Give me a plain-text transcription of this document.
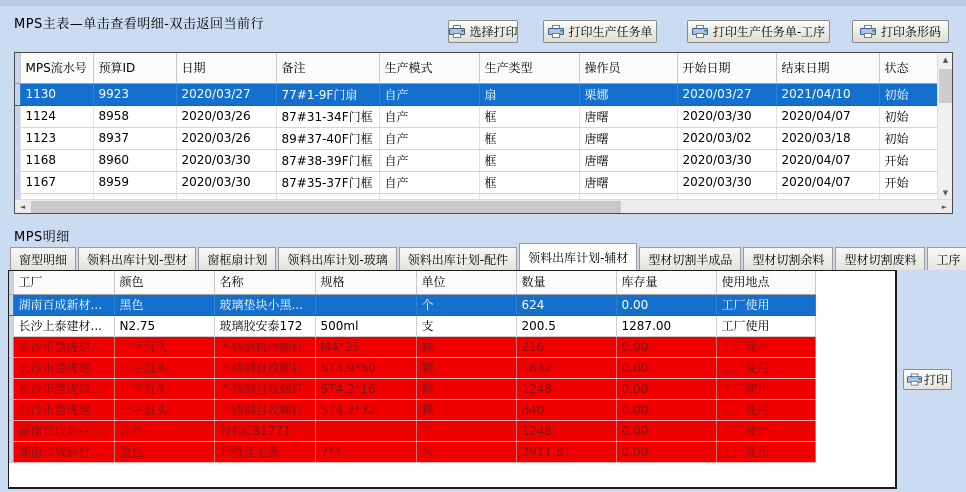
MPS主表—单击查看明细-双击返回当前行	选择打印	打印生产任务单	打印生产任务单-工序	打印条形码
	MPS流水号	预算ID	日期	备注	生产模式	生产类型	操作员	开始日期	结束日期	状态
	1130	9923	2020/03/27	77#1-9F门扇	自产	扇	栗娜	2020/03/27	2021/04/10	初始
	1124	8958	2020/03/26	87#31-34F门框	自产	框	唐曙	2020/03/30	2020/04/07	初始
	1123	8937	2020/03/26	89#37-40F门框	自产	框	唐曙	2020/03/02	2020/03/18	初始
	1168	8960	2020/03/30	87#38-39F门框	自产	框	唐曙	2020/03/30	2020/04/07	开始
	1167	8959	2020/03/30	87#35-37F门框	自产	框	唐曙	2020/03/30	2020/04/07	开始

▲
▼
◄	►
MPS明细
窗型明细 领料出库计划-型材 窗框扇计划 领料出库计划-玻璃 领料出库计划-配件 领料出库计划-辅材 型材切割半成品 型材切割余料 型材切割废料 工序
	工厂	颜色	名称	规格	单位	数量	库存量	使用地点
	湖南百成新材...	黑色	玻璃垫块小黑...		个	624	0.00	工厂使用
	长沙上泰建材...	N2.75	玻璃胶安泰172	500ml	支	200.5	1287.00	工厂使用
	长沙市慧虎建...	十字沉头	不锈钢机制螺钉	M4*25	颗	216	0.00	工厂使用
	长沙市慧虎建...	十字盘头	不锈钢自攻螺钉	ST3.9*50	颗	1632	0.00	工厂使用
	长沙市慧虎建...	十字沉头	不锈钢自攻螺钉	ST4.2*16	颗	1248	0.00	工厂使用
	长沙市慧虎建...	十字盘头	不锈钢自攻螺钉	ST4.2*32	颗	840	0.00	工厂使用
	湖南百成新材...	原色	付档CB1771		个	1248	0.00	工厂使用
	湖南百成新材...	原色	利得佳毛条	7*4	米	2911.81	0.00	工厂使用
打印
